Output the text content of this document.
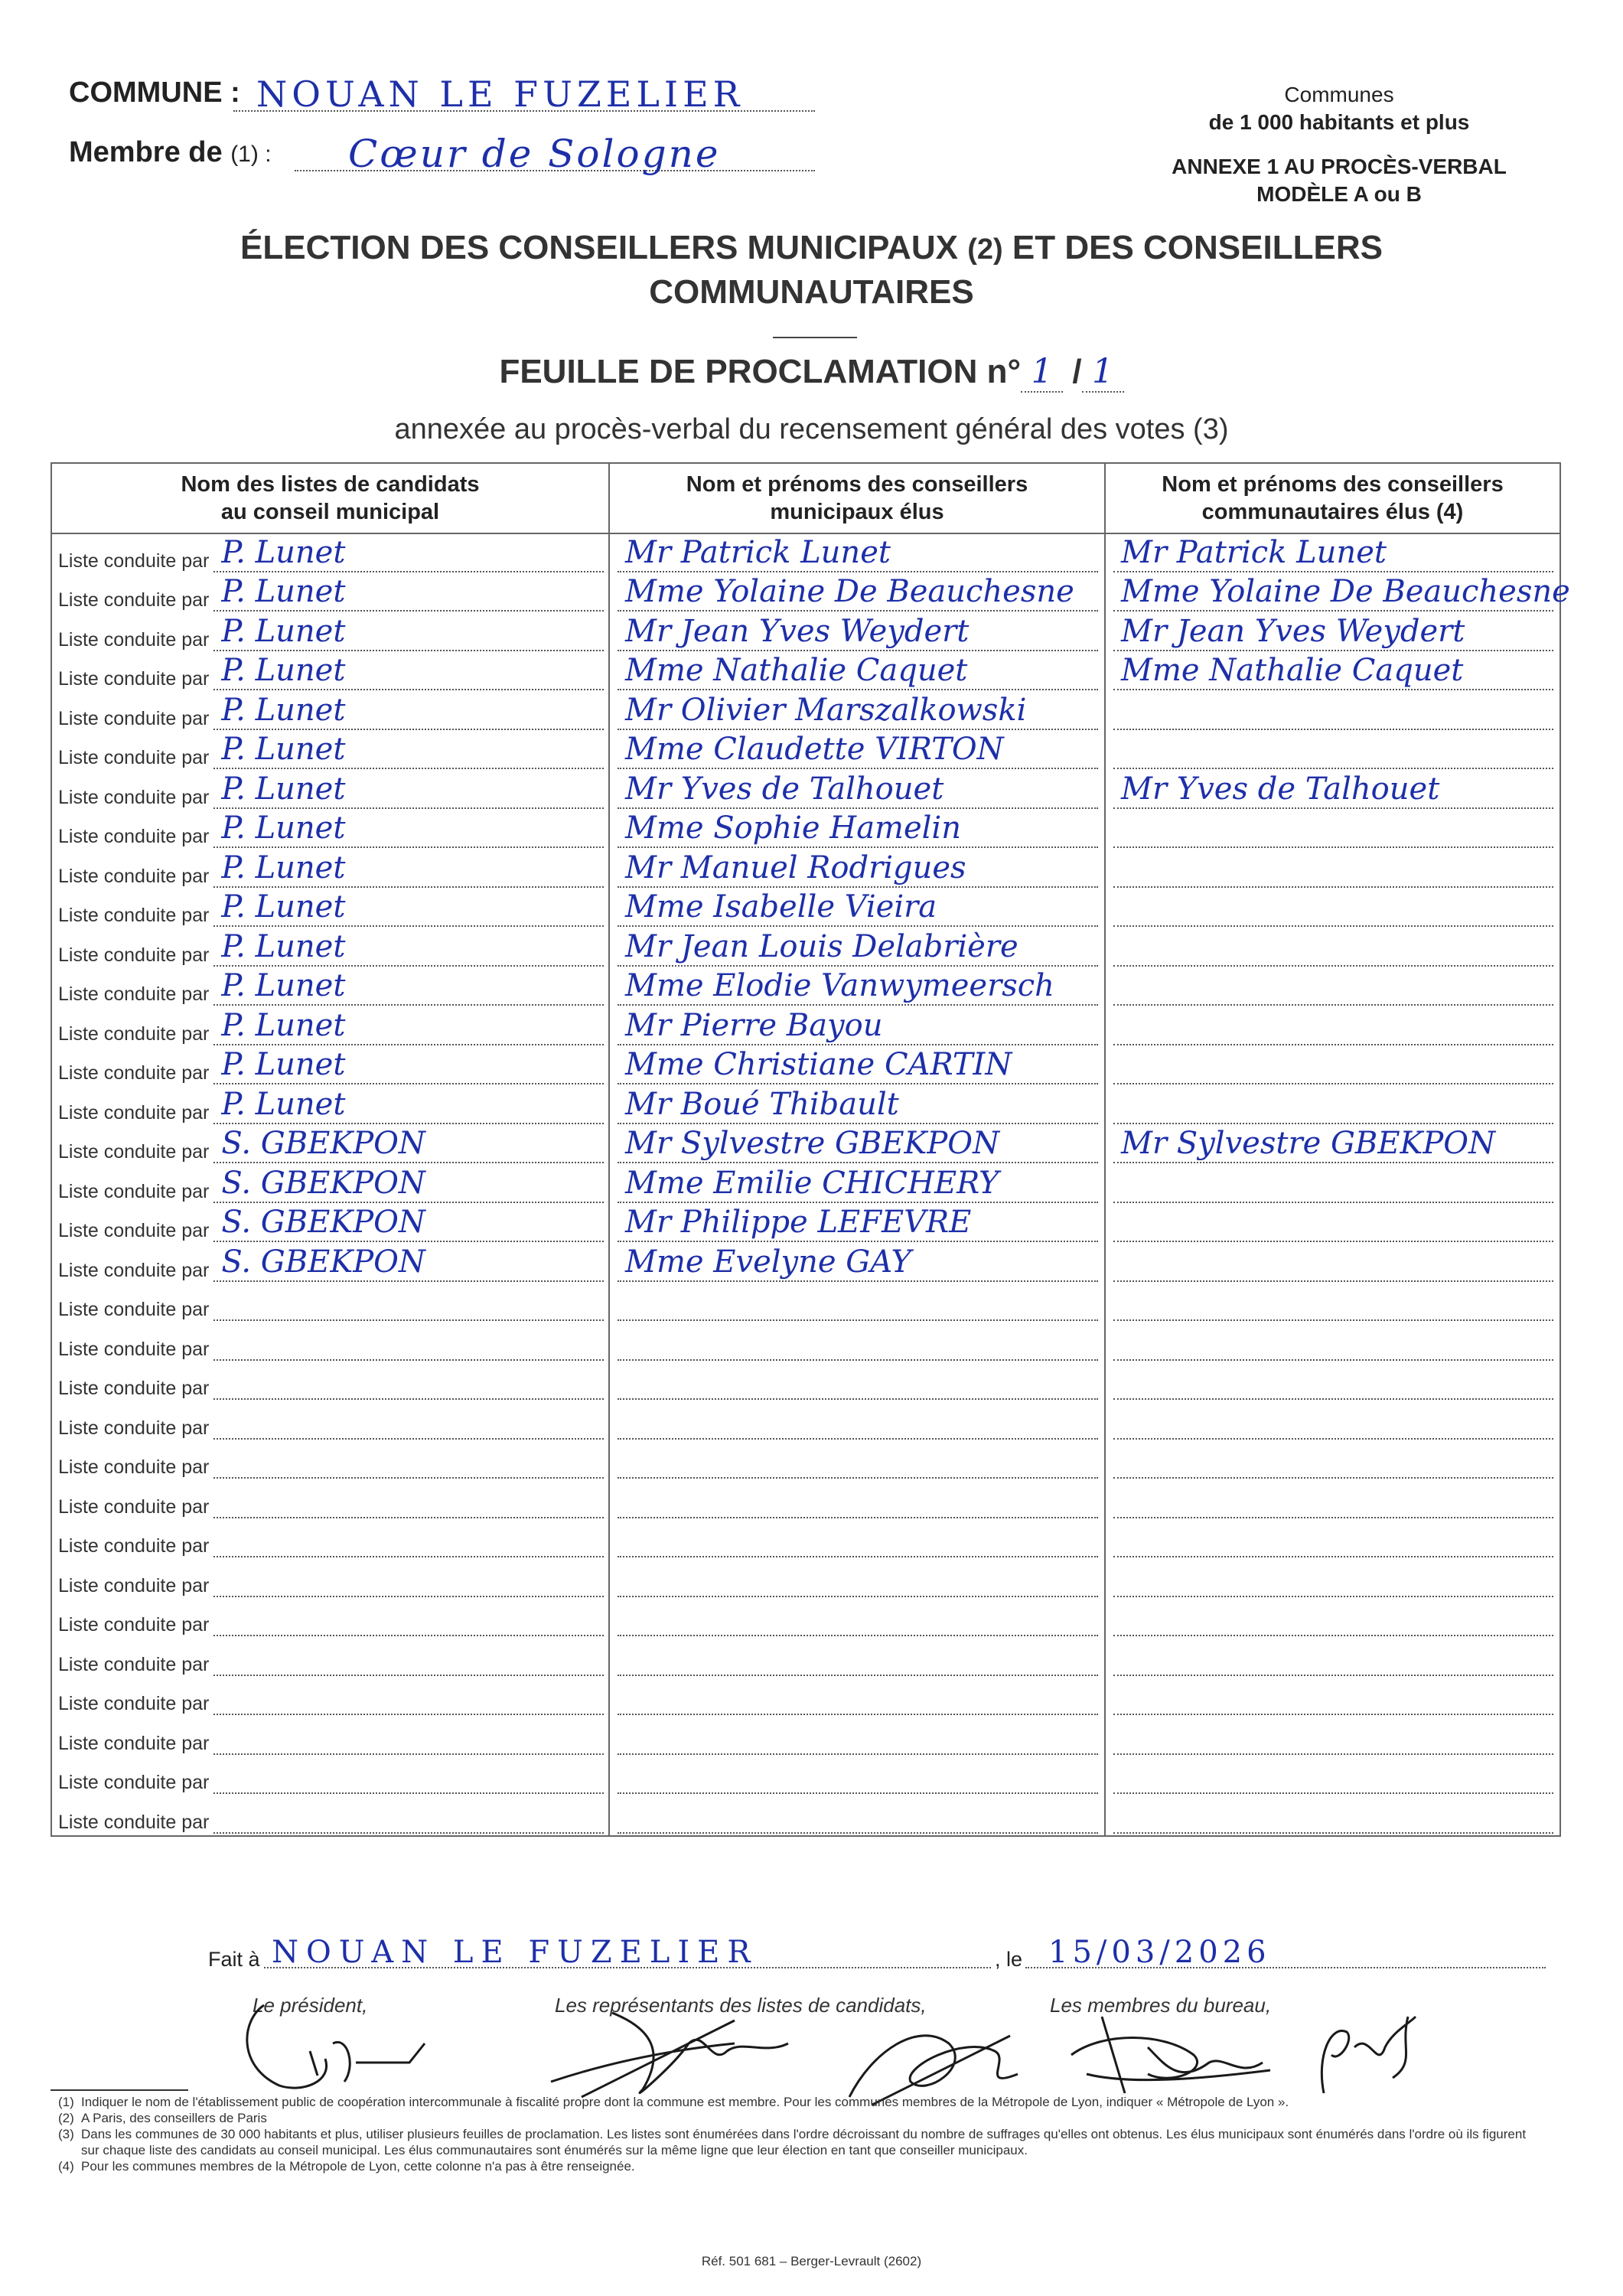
COMMUNE : NOUAN LE FUZELIER
Membre de (1) : Cœur de Sologne
Communes
de 1 000 habitants et plus
ANNEXE 1 AU PROCÈS-VERBAL
MODÈLE A ou B
ÉLECTION DES CONSEILLERS MUNICIPAUX (2) ET DES CONSEILLERS
COMMUNAUTAIRES
FEUILLE DE PROCLAMATION n° 1 / 1
annexée au procès-verbal du recensement général des votes (3)
Nom des listes de candidats
au conseil municipal	Nom et prénoms des conseillers
municipaux élus	Nom et prénoms des conseillers
communautaires élus (4)

Liste conduite par P. Lunet	Mr Patrick Lunet	Mr Patrick Lunet

Liste conduite par P. Lunet	Mme Yolaine De Beauchesne	Mme Yolaine De Beauchesne

Liste conduite par P. Lunet	Mr Jean Yves Weydert	Mr Jean Yves Weydert

Liste conduite par P. Lunet	Mme Nathalie Caquet	Mme Nathalie Caquet

Liste conduite par P. Lunet	Mr Olivier Marszalkowski	

Liste conduite par P. Lunet	Mme Claudette VIRTON	

Liste conduite par P. Lunet	Mr Yves de Talhouet	Mr Yves de Talhouet

Liste conduite par P. Lunet	Mme Sophie Hamelin	

Liste conduite par P. Lunet	Mr Manuel Rodrigues	

Liste conduite par P. Lunet	Mme Isabelle Vieira	

Liste conduite par P. Lunet	Mr Jean Louis Delabrière	

Liste conduite par P. Lunet	Mme Elodie Vanwymeersch	

Liste conduite par P. Lunet	Mr Pierre Bayou	

Liste conduite par P. Lunet	Mme Christiane CARTIN	

Liste conduite par P. Lunet	Mr Boué Thibault	

Liste conduite par S. GBEKPON	Mr Sylvestre GBEKPON	Mr Sylvestre GBEKPON

Liste conduite par S. GBEKPON	Mme Emilie CHICHERY	

Liste conduite par S. GBEKPON	Mr Philippe LEFEVRE	

Liste conduite par S. GBEKPON	Mme Evelyne GAY	

Liste conduite par		

Liste conduite par		

Liste conduite par		

Liste conduite par		

Liste conduite par		

Liste conduite par		

Liste conduite par		

Liste conduite par		

Liste conduite par		

Liste conduite par		

Liste conduite par		

Liste conduite par		

Liste conduite par		

Liste conduite par		

Fait à NOUAN LE FUZELIER	, le 15/03/2026
Le président,	Les représentants des listes de candidats,	Les membres du bureau,
(1) Indiquer le nom de l'établissement public de coopération intercommunale à fiscalité propre dont la commune est membre. Pour les communes membres de la Métropole de Lyon, indiquer « Métropole de Lyon ».
(2) A Paris, des conseillers de Paris
(3) Dans les communes de 30 000 habitants et plus, utiliser plusieurs feuilles de proclamation. Les listes sont énumérées dans l'ordre décroissant du nombre de suffrages qu'elles ont obtenus. Les élus municipaux sont énumérés dans l'ordre où ils figurent sur chaque liste des candidats au conseil municipal. Les élus communautaires sont énumérés sur la même ligne que leur élection en tant que conseiller municipaux.
(4) Pour les communes membres de la Métropole de Lyon, cette colonne n'a pas à être renseignée.
Réf. 501 681 – Berger-Levrault (2602)
